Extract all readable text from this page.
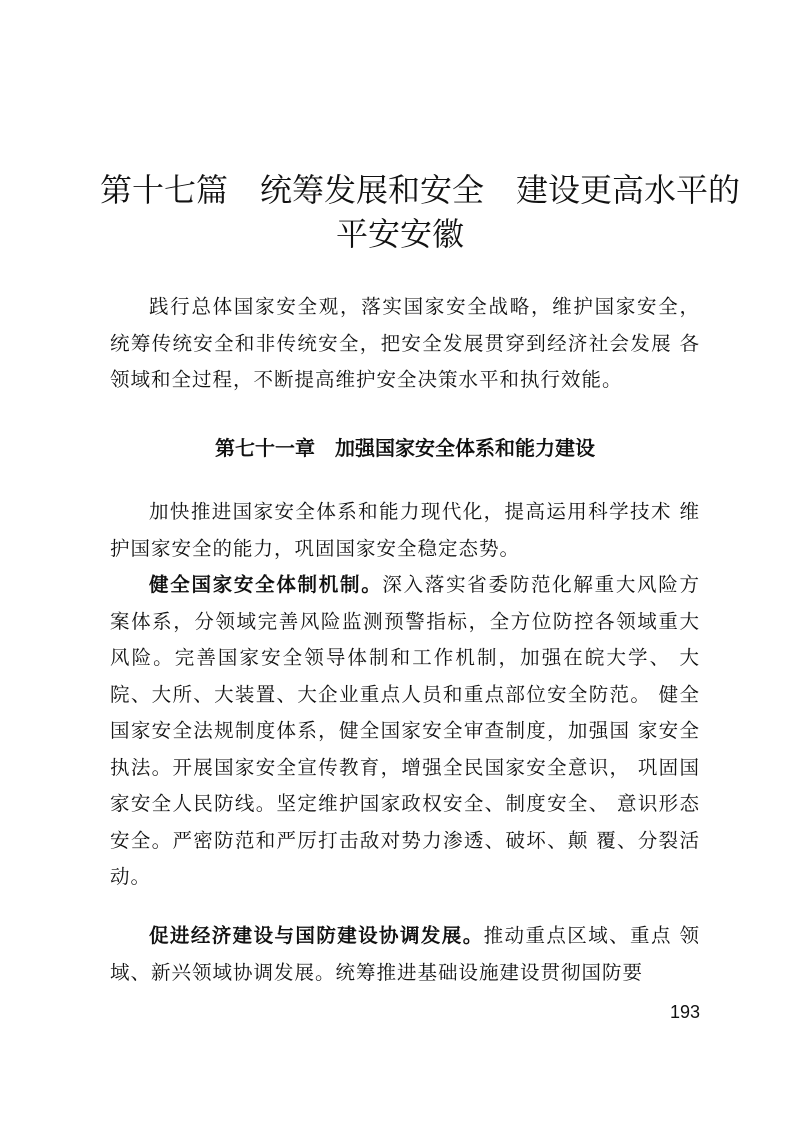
第十七篇　统筹发展和安全　建设更高水平的
平安安徽

践行总体国家安全观，落实国家安全战略，维护国家安全， 统筹传统安全和非传统安全，把安全发展贯穿到经济社会发展 各领域和全过程，不断提高维护安全决策水平和执行效能。

第七十一章　加强国家安全体系和能力建设

加快推进国家安全体系和能力现代化，提高运用科学技术 维护国家安全的能力，巩固国家安全稳定态势。

健全国家安全体制机制。深入落实省委防范化解重大风险方案体系，分领域完善风险监测预警指标，全方位防控各领域重大风险。完善国家安全领导体制和工作机制，加强在皖大学、 大院、大所、大装置、大企业重点人员和重点部位安全防范。 健全国家安全法规制度体系，健全国家安全审查制度，加强国 家安全执法。开展国家安全宣传教育，增强全民国家安全意识， 巩固国家安全人民防线。坚定维护国家政权安全、制度安全、 意识形态安全。严密防范和严厉打击敌对势力渗透、破坏、颠 覆、分裂活动。

促进经济建设与国防建设协调发展。推动重点区域、重点 领域、新兴领域协调发展。统筹推进基础设施建设贯彻国防要

193
